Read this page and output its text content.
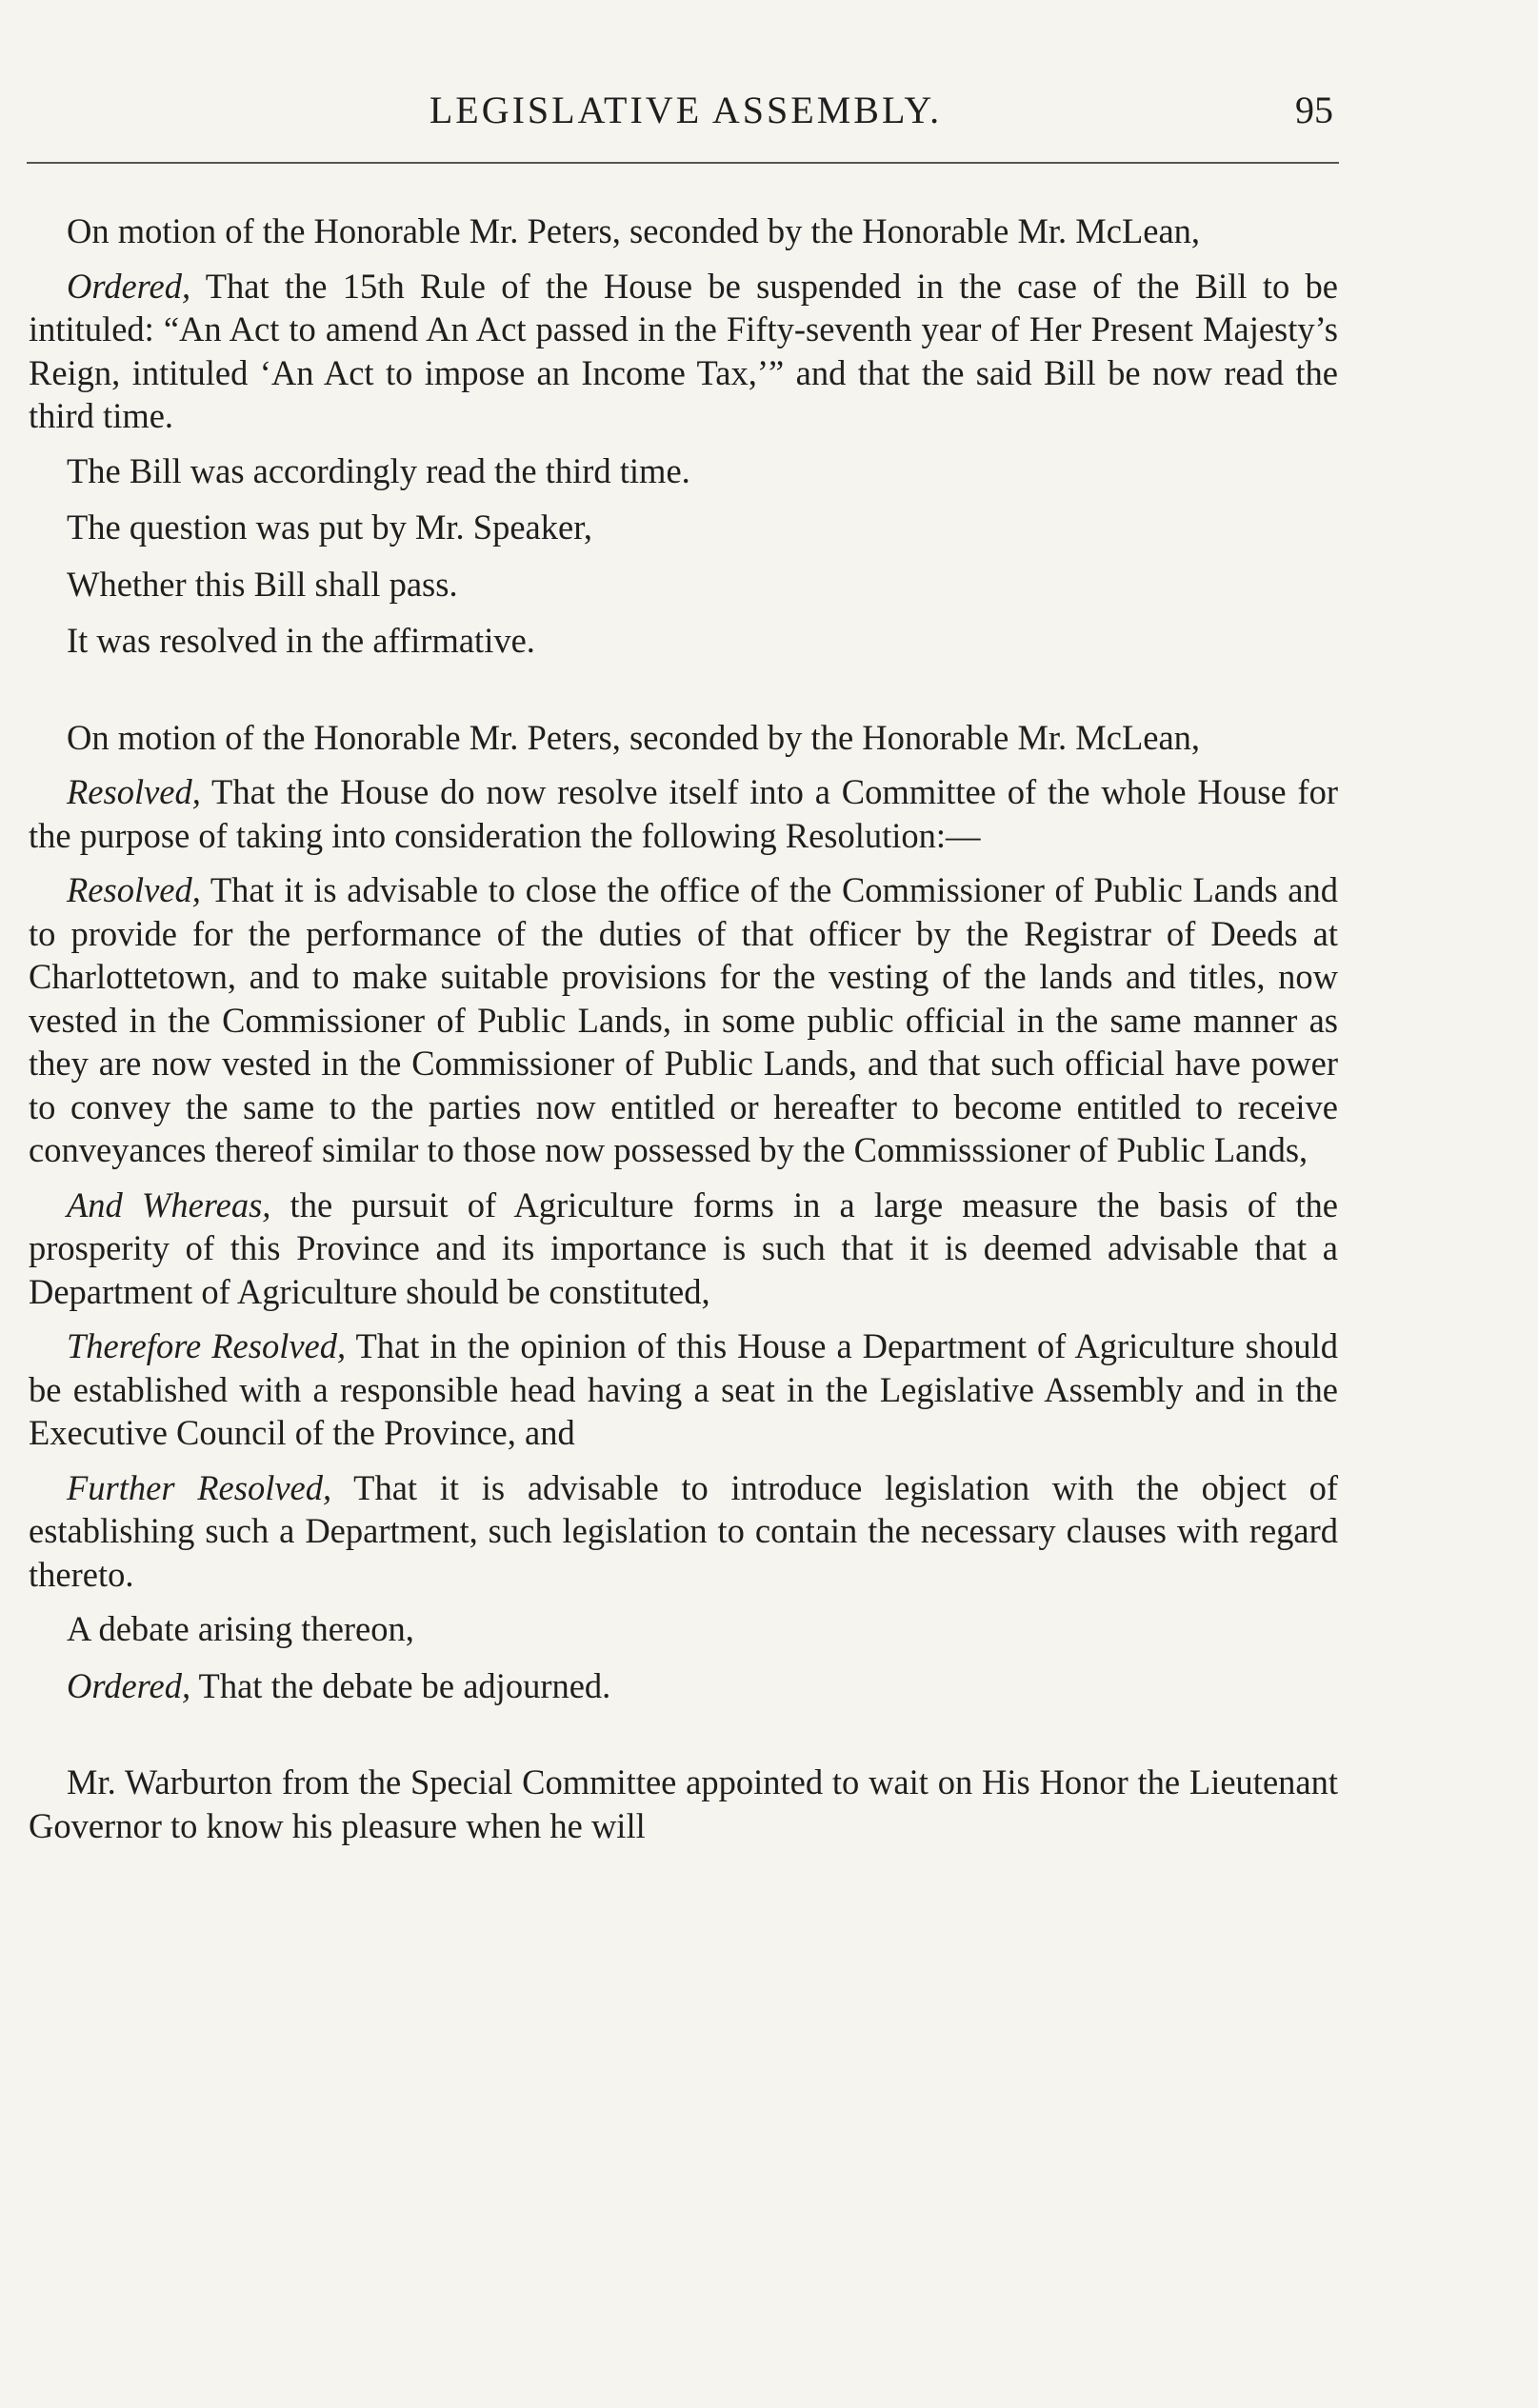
LEGISLATIVE ASSEMBLY.	95

On motion of the Honorable Mr. Peters, seconded by the Honorable Mr. McLean,

Ordered, That the 15th Rule of the House be suspended in the case of the Bill to be intituled: “An Act to amend An Act passed in the Fifty-seventh year of Her Present Majesty’s Reign, intituled ‘An Act to impose an Income Tax,’” and that the said Bill be now read the third time.

The Bill was accordingly read the third time.

The question was put by Mr. Speaker,

Whether this Bill shall pass.

It was resolved in the affirmative.

On motion of the Honorable Mr. Peters, seconded by the Honorable Mr. McLean,

Resolved, That the House do now resolve itself into a Committee of the whole House for the purpose of taking into consideration the following Resolution:—

Resolved, That it is advisable to close the office of the Commissioner of Public Lands and to provide for the performance of the duties of that officer by the Registrar of Deeds at Charlottetown, and to make suitable provisions for the vesting of the lands and titles, now vested in the Commissioner of Public Lands, in some public official in the same manner as they are now vested in the Commissioner of Public Lands, and that such official have power to convey the same to the parties now entitled or hereafter to become entitled to receive conveyances thereof similar to those now possessed by the Commisssioner of Public Lands,

And Whereas, the pursuit of Agriculture forms in a large measure the basis of the prosperity of this Province and its importance is such that it is deemed advisable that a Department of Agriculture should be constituted,

Therefore Resolved, That in the opinion of this House a Department of Agriculture should be established with a responsible head having a seat in the Legislative Assembly and in the Executive Council of the Province, and

Further Resolved, That it is advisable to introduce legislation with the object of establishing such a Department, such legislation to contain the necessary clauses with regard thereto.

A debate arising thereon,

Ordered, That the debate be adjourned.

Mr. Warburton from the Special Committee appointed to wait on His Honor the Lieutenant Governor to know his pleasure when he will
